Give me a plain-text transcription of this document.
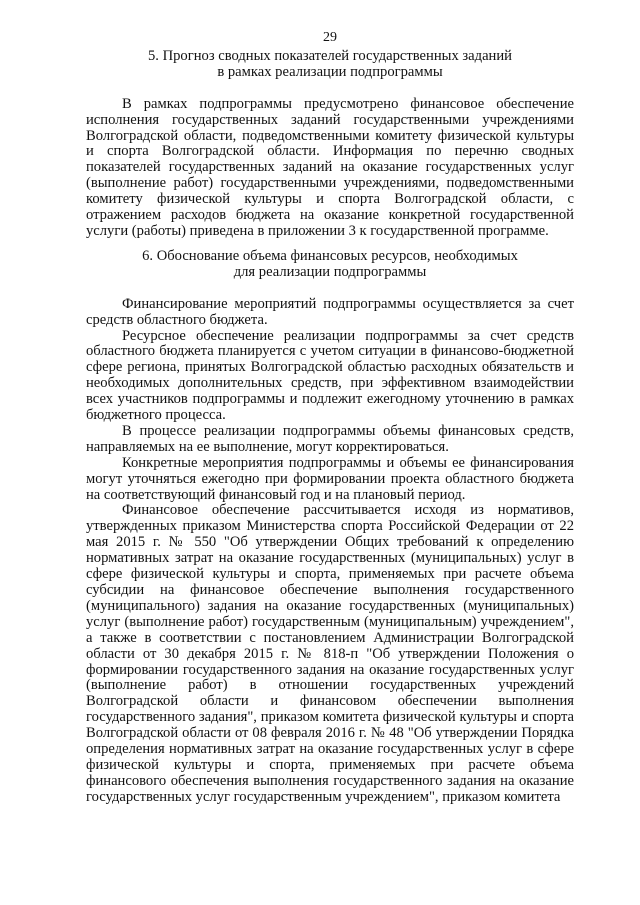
29
5. Прогноз сводных показателей государственных заданий
в рамках реализации подпрограммы

В рамках подпрограммы предусмотрено финансовое обеспечение исполнения государственных заданий государственными учреждениями Волгоградской области, подведомственными комитету физической культуры и спорта Волгоградской области. Информация по перечню сводных показателей государственных заданий на оказание государственных услуг (выполнение работ) государственными учреждениями, подведомственными комитету физической культуры и спорта Волгоградской области, с отражением расходов бюджета на оказание конкретной государственной услуги (работы) приведена в приложении 3 к государственной программе.

6. Обоснование объема финансовых ресурсов, необходимых
для реализации подпрограммы

Финансирование мероприятий подпрограммы осуществляется за счет средств областного бюджета.

Ресурсное обеспечение реализации подпрограммы за счет средств областного бюджета планируется с учетом ситуации в финансово-бюджетной сфере региона, принятых Волгоградской областью расходных обязательств и необходимых дополнительных средств, при эффективном взаимодействии всех участников подпрограммы и подлежит ежегодному уточнению в рамках бюджетного процесса.

В процессе реализации подпрограммы объемы финансовых средств, направляемых на ее выполнение, могут корректироваться.

Конкретные мероприятия подпрограммы и объемы ее финансирования могут уточняться ежегодно при формировании проекта областного бюджета на соответствующий финансовый год и на плановый период.

Финансовое обеспечение рассчитывается исходя из нормативов, утвержденных приказом Министерства спорта Российской Федерации от 22 мая 2015 г. № 550 "Об утверждении Общих требований к определению нормативных затрат на оказание государственных (муниципальных) услуг в сфере физической культуры и спорта, применяемых при расчете объема субсидии на финансовое обеспечение выполнения государственного (муниципального) задания на оказание государственных (муниципальных) услуг (выполнение работ) государственным (муниципальным) учреждением", а также в соответствии с постановлением Администрации Волгоградской области от 30 декабря 2015 г. № 818-п "Об утверждении Положения о формировании государственного задания на оказание государственных услуг (выполнение работ) в отношении государственных учреждений Волгоградской области и финансовом обеспечении выполнения государственного задания", приказом комитета физической культуры и спорта Волгоградской области от 08 февраля 2016 г. № 48 "Об утверждении Порядка определения нормативных затрат на оказание государственных услуг в сфере физической культуры и спорта, применяемых при расчете объема финансового обеспечения выполнения государственного задания на оказание государственных услуг государственным учреждением", приказом комитета
